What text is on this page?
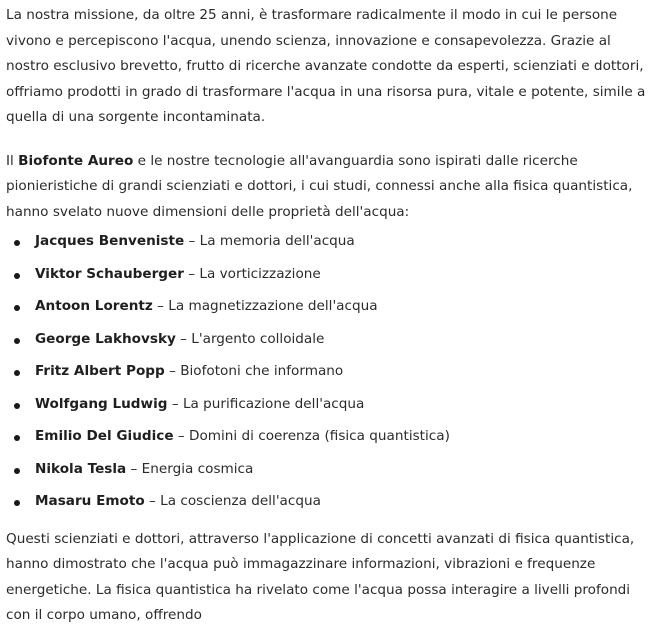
La nostra missione, da oltre 25 anni, è trasformare radicalmente il modo in cui le persone vivono e percepiscono l'acqua, unendo scienza, innovazione e consapevolezza. Grazie al nostro esclusivo brevetto, frutto di ricerche avanzate condotte da esperti, scienziati e dottori, offriamo prodotti in grado di trasformare l'acqua in una risorsa pura, vitale e potente, simile a quella di una sorgente incontaminata.

Il Biofonte Aureo e le nostre tecnologie all'avanguardia sono ispirati dalle ricerche pionieristiche di grandi scienziati e dottori, i cui studi, connessi anche alla fisica quantistica, hanno svelato nuove dimensioni delle proprietà dell'acqua:

Jacques Benveniste – La memoria dell'acqua
Viktor Schauberger – La vorticizzazione
Antoon Lorentz – La magnetizzazione dell'acqua
George Lakhovsky – L'argento colloidale
Fritz Albert Popp – Biofotoni che informano
Wolfgang Ludwig – La purificazione dell'acqua
Emilio Del Giudice – Domini di coerenza (fisica quantistica)
Nikola Tesla – Energia cosmica
Masaru Emoto – La coscienza dell'acqua

Questi scienziati e dottori, attraverso l'applicazione di concetti avanzati di fisica quantistica, hanno dimostrato che l'acqua può immagazzinare informazioni, vibrazioni e frequenze energetiche. La fisica quantistica ha rivelato come l'acqua possa interagire a livelli profondi con il corpo umano, offrendo
